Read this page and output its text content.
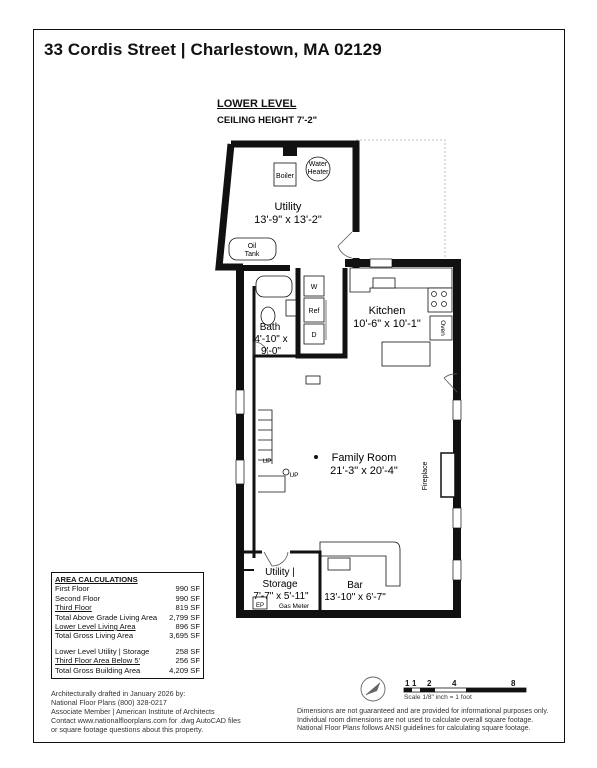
33 Cordis Street | Charlestown, MA 02129
LOWER LEVEL
CEILING HEIGHT 7'-2"
Utility
13'-9" x 13'-2"
Boiler
Water
Heater
Oil
Tank
W
Ref
D
Bath
4'-10" x
9'-0"
Kitchen
10'-6" x 10'-1"	Oven
Family Room
21'-3" x 20'-4"	Fireplace
UP
UP
Utility |
Storage
7'-7" x 5'-11"
EP Gas Meter
Bar
13'-10" x 6'-7"
1 1 2	4	8
Scale 1/8" inch = 1 foot
AREA CALCULATIONS
First Floor	990 SF
Second Floor	990 SF
Third Floor	819 SF
Total Above Grade Living Area 2,799 SF
Lower Level Living Area	896 SF
Total Gross Living Area	3,695 SF
Lower Level Utility | Storage	258 SF
Third Floor Area Below 5'	256 SF
Total Gross Building Area	4,209 SF
Architecturally drafted in January 2026 by:
National Floor Plans (800) 328-0217
Associate Member | American Institute of Architects
Contact www.nationalfloorplans.com for .dwg AutoCAD files
or square footage questions about this property.
Dimensions are not guaranteed and are provided for informational purposes only.
Individual room dimensions are not used to calculate overall square footage.
National Floor Plans follows ANSI guidelines for calculating square footage.
